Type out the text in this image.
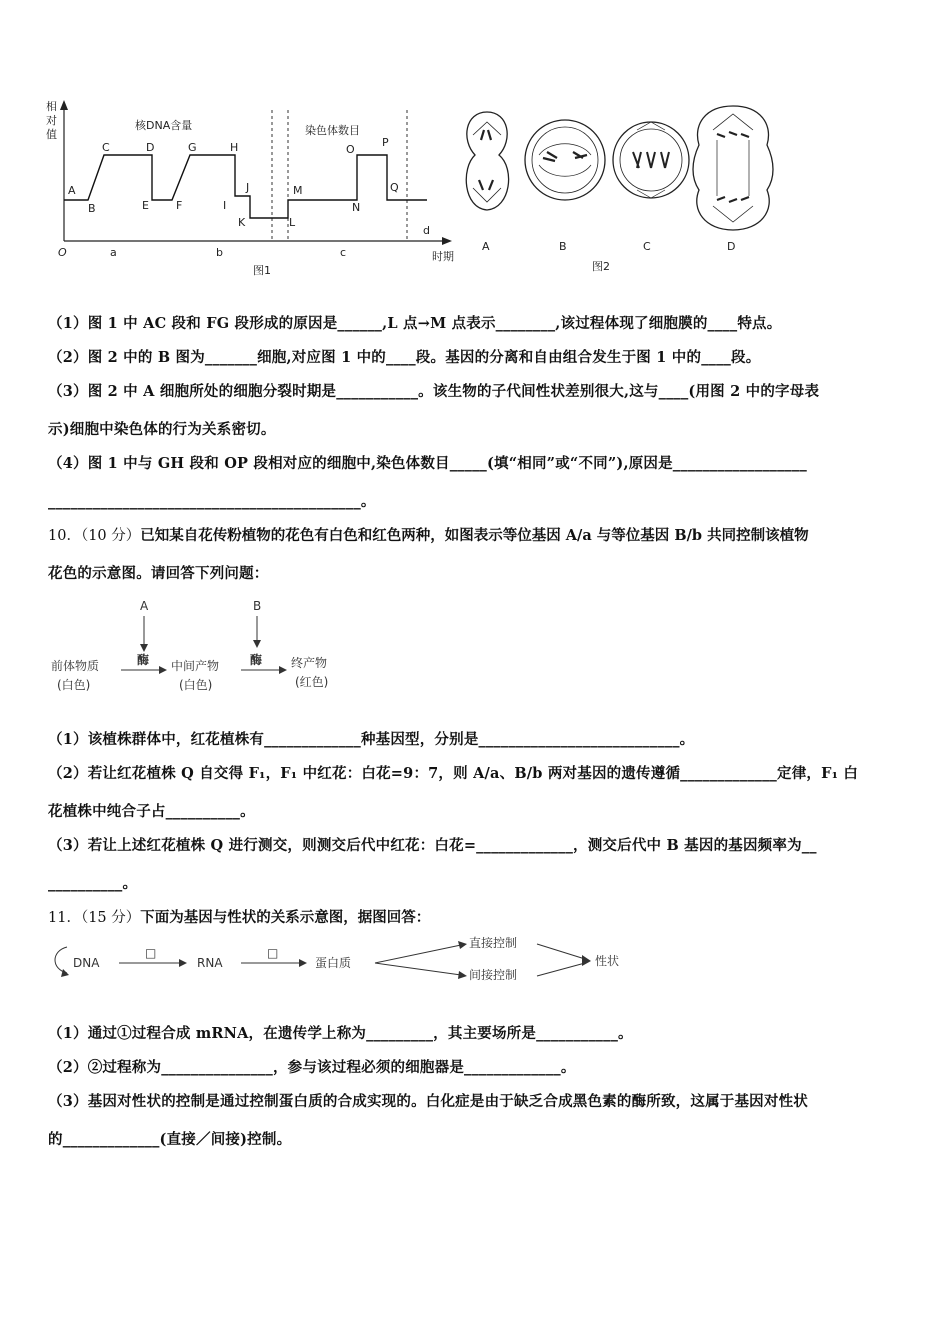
相
对
值
O	时期
核DNA含量	染色体数目
A
B
C	D
E F
G	H
I
J
K	L
M
N
O
P
Q
a	b	c
d
图1
A	B	C	D
图2
（1）图 1 中 AC 段和 FG 段形成的原因是______,L 点→M 点表示________,该过程体现了细胞膜的____特点。
（2）图 2 中的 B 图为_______细胞,对应图 1 中的____段。基因的分离和自由组合发生于图 1 中的____段。
（3）图 2 中 A 细胞所处的细胞分裂时期是___________。该生物的子代间性状差别很大,这与____(用图 2 中的字母表
示)细胞中染色体的行为关系密切。
（4）图 1 中与 GH 段和 OP 段相对应的细胞中,染色体数目_____(填“相同”或“不同”),原因是__________________
__________________________________________。
10．（10 分）已知某自花传粉植物的花色有白色和红色两种，如图表示等位基因 A/a 与等位基因 B/b 共同控制该植物
花色的示意图。请回答下列问题：
A	B
前体物质
(白色)
酶 中间产物
(白色)
酶 终产物
(红色)
（1）该植株群体中，红花植株有_____________种基因型，分别是___________________________。
（2）若让红花植株 Q 自交得 F₁，F₁ 中红花：白花=9：7，则 A/a、B/b 两对基因的遗传遵循_____________定律，F₁ 白
花植株中纯合子占__________。
（3）若让上述红花植株 Q 进行测交，则测交后代中红花：白花=_____________，测交后代中 B 基因的基因频率为__
__________。
11．（15 分）下面为基因与性状的关系示意图，据图回答：
DNA
□
RNA
□
蛋白质
直接控制
间接控制
性状
（1）通过①过程合成 mRNA，在遗传学上称为_________，其主要场所是___________。
（2）②过程称为_______________，参与该过程必须的细胞器是_____________。
（3）基因对性状的控制是通过控制蛋白质的合成实现的。白化症是由于缺乏合成黑色素的酶所致，这属于基因对性状
的_____________(直接／间接)控制。
